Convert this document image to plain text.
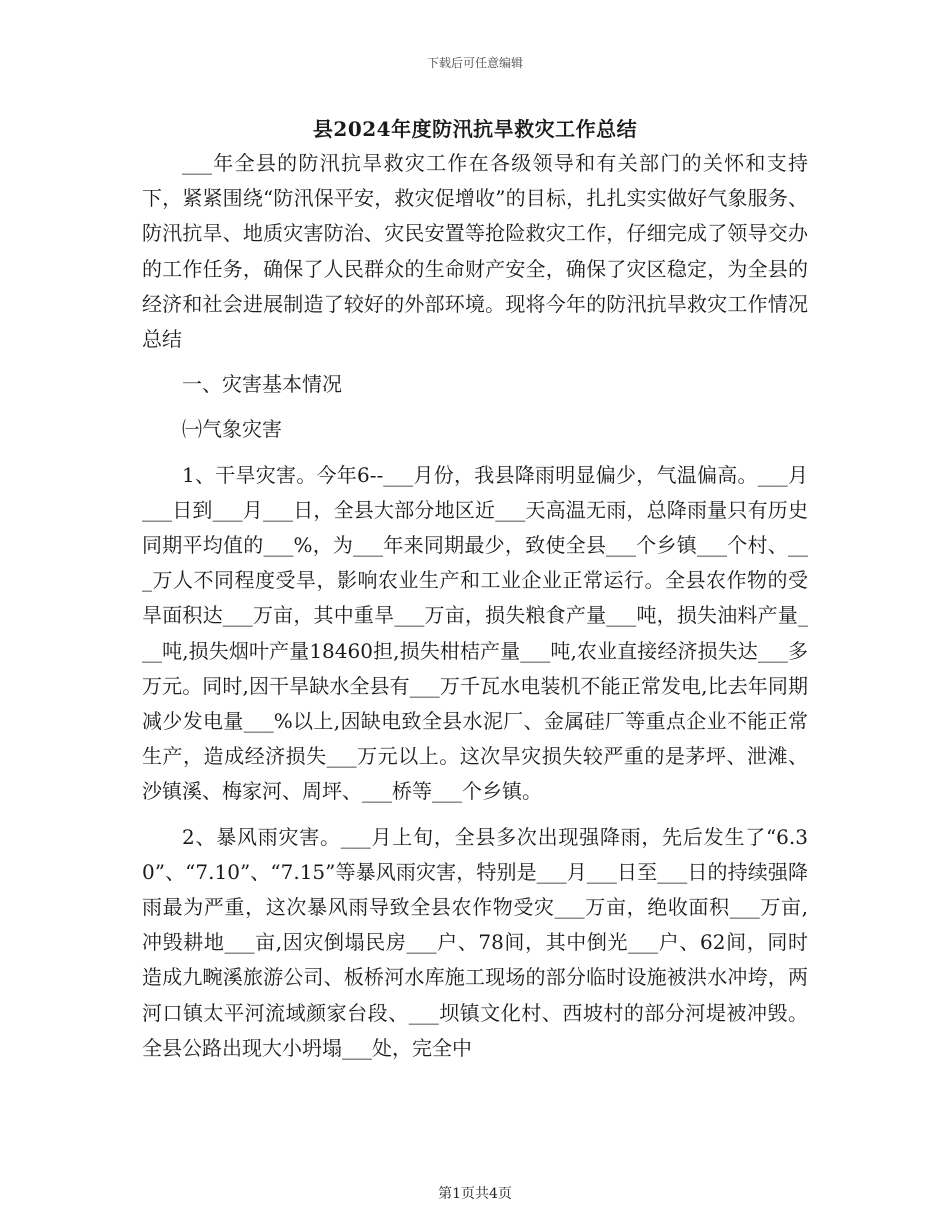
下载后可任意编辑
县2024年度防汛抗旱救灾工作总结

___年全县的防汛抗旱救灾工作在各级领导和有关部门的关怀和支持下，紧紧围绕“防汛保平安，救灾促增收”的目标，扎扎实实做好气象服务、防汛抗旱、地质灾害防治、灾民安置等抢险救灾工作，仔细完成了领导交办的工作任务，确保了人民群众的生命财产安全，确保了灾区稳定，为全县的经济和社会进展制造了较好的外部环境。现将今年的防汛抗旱救灾工作情况总结

一、灾害基本情况

㈠气象灾害

1、干旱灾害。今年6--___月份，我县降雨明显偏少，气温偏高。___月___日到___月___日，全县大部分地区近___天高温无雨，总降雨量只有历史同期平均值的___%，为___年来同期最少，致使全县___个乡镇___个村、___万人不同程度受旱，影响农业生产和工业企业正常运行。全县农作物的受旱面积达___万亩，其中重旱___万亩，损失粮食产量___吨，损失油料产量___吨,损失烟叶产量18460担,损失柑桔产量___吨,农业直接经济损失达___多万元。同时,因干旱缺水全县有___万千瓦水电装机不能正常发电,比去年同期减少发电量___%以上,因缺电致全县水泥厂、金属硅厂等重点企业不能正常生产，造成经济损失___万元以上。这次旱灾损失较严重的是茅坪、泄滩、沙镇溪、梅家河、周坪、___桥等___个乡镇。

2、暴风雨灾害。___月上旬，全县多次出现强降雨，先后发生了“6.30”、“7.10”、“7.15”等暴风雨灾害，特别是___月___日至___日的持续强降雨最为严重，这次暴风雨导致全县农作物受灾___万亩，绝收面积___万亩,冲毁耕地___亩,因灾倒塌民房___户、78间，其中倒光___户、62间，同时造成九畹溪旅游公司、板桥河水库施工现场的部分临时设施被洪水冲垮，两河口镇太平河流域颜家台段、___坝镇文化村、西坡村的部分河堤被冲毁。全县公路出现大小坍塌___处，完全中

第1页共4页
